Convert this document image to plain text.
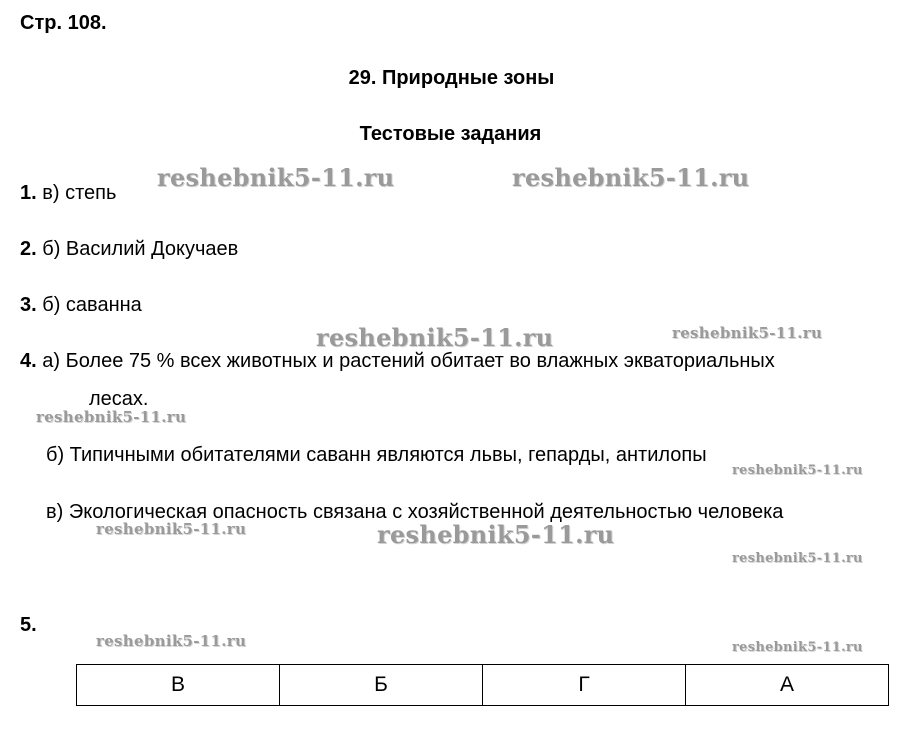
Стр. 108.
29. Природные зоны
Тестовые задания
1. в) степь
2. б) Василий Докучаев
3. б) саванна
4. а) Более 75 % всех животных и растений обитает во влажных экваториальных
лесах.
б) Типичными обитателями саванн являются львы, гепарды, антилопы
в) Экологическая опасность связана с хозяйственной деятельностью человека
5.
В	Б	Г	А
reshebnik5-11.ru	reshebnik5-11.ru
reshebnik5-11.ru	reshebnik5-11.ru
reshebnik5-11.ru
reshebnik5-11.ru
reshebnik5-11.ru	reshebnik5-11.ru
reshebnik5-11.ru
reshebnik5-11.ru	reshebnik5-11.ru
